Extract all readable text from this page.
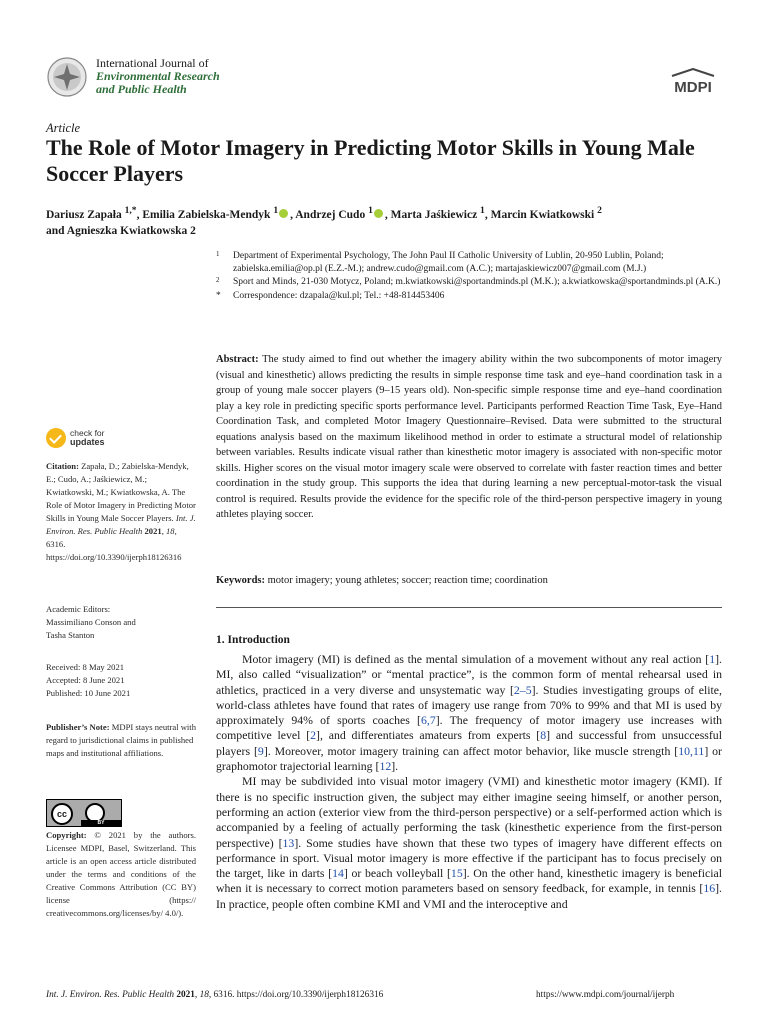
International Journal of
Environmental Research
and Public Health	MDPI
Article
The Role of Motor Imagery in Predicting Motor Skills in Young Male Soccer Players
Dariusz Zapała $^{1,*}$, Emilia Zabielska-Mendyk $^1$ , Andrzej Cudo $^1$ , Marta Jaśkiewicz $^1$, Marcin Kwiatkowski $^2$
and Agnieszka Kwiatkowska 2
1 Department of Experimental Psychology, The John Paul II Catholic University of Lublin, 20-950 Lublin, Poland; zabielska.emilia@op.pl (E.Z.-M.); andrew.cudo@gmail.com (A.C.); martajaskiewicz007@gmail.com (M.J.)
2 Sport and Minds, 21-030 Motycz, Poland; m.kwiatkowski@sportandminds.pl (M.K.); a.kwiatkowska@sportandminds.pl (A.K.)
* Correspondence: dzapala@kul.pl; Tel.: +48-814453406
Abstract: The study aimed to find out whether the imagery ability within the two subcomponents of motor imagery (visual and kinesthetic) allows predicting the results in simple response time task and eye–hand coordination task in a group of young male soccer players (9–15 years old). Non-specific simple response time and eye–hand coordination play a key role in predicting specific sports performance level. Participants performed Reaction Time Task, Eye–Hand Coordination Task, and completed Motor Imagery Questionnaire–Revised. Data were submitted to the structural equations analysis based on the maximum likelihood method in order to estimate a structural model of relationship between variables. Results indicate visual rather than kinesthetic motor imagery is associated with non-specific motor skills. Higher scores on the visual motor imagery scale were observed to correlate with faster reaction times and better coordination in the study group. This supports the idea that during learning a new perceptual-motor-task the visual control is required. Results provide the evidence for the specific role of the third-person perspective imagery in young athletes playing soccer.
Keywords: motor imagery; young athletes; soccer; reaction time; coordination
1. Introduction

Motor imagery (MI) is defined as the mental simulation of a movement without any real action [1]. MI, also called “visualization” or “mental practice”, is the common form of mental rehearsal used in athletics, practiced in a very diverse and unsystematic way [2–5]. Studies investigating groups of elite, world-class athletes have found that rates of imagery use range from 70% to 99% and that MI is used by approximately 94% of sports coaches [6,7]. The frequency of motor imagery use increases with competitive level [2], and differentiates amateurs from experts [8] and successful from unsuccessful players [9]. Moreover, motor imagery training can affect motor behavior, like muscle strength [10,11] or graphomotor trajectorial learning [12].

MI may be subdivided into visual motor imagery (VMI) and kinesthetic motor imagery (KMI). If there is no specific instruction given, the subject may either imagine seeing himself, or another person, performing an action (exterior view from the third-person perspective) or a self-performed action which is accompanied by a feeling of actually performing the task (kinesthetic experience from the first-person perspective) [13]. Some studies have shown that these two types of imagery have different effects on performance in sport. Visual motor imagery is more effective if the participant has to focus precisely on the target, like in darts [14] or beach volleyball [15]. On the other hand, kinesthetic imagery is beneficial when it is necessary to correct motion parameters based on sensory feedback, for example, in tennis [16]. In practice, people often combine KMI and VMI and the interoceptive and

check for
updates
Citation: Zapała, D.; Zabielska-Mendyk, E.; Cudo, A.; Jaśkiewicz, M.; Kwiatkowski, M.; Kwiatkowska, A. The Role of Motor Imagery in Predicting Motor Skills in Young Male Soccer Players. Int. J. Environ. Res. Public Health 2021, 18, 6316. https://doi.org/10.3390/ijerph18126316
Academic Editors:
Massimiliano Conson and
Tasha Stanton
Received: 8 May 2021
Accepted: 8 June 2021
Published: 10 June 2021
Publisher’s Note: MDPI stays neutral with regard to jurisdictional claims in published maps and institutional affiliations.
cc
BY
Copyright: © 2021 by the authors. Licensee MDPI, Basel, Switzerland. This article is an open access article distributed under the terms and conditions of the Creative Commons Attribution (CC BY) license (https:// creativecommons.org/licenses/by/ 4.0/).
Int. J. Environ. Res. Public Health 2021, 18, 6316. https://doi.org/10.3390/ijerph18126316	https://www.mdpi.com/journal/ijerph
